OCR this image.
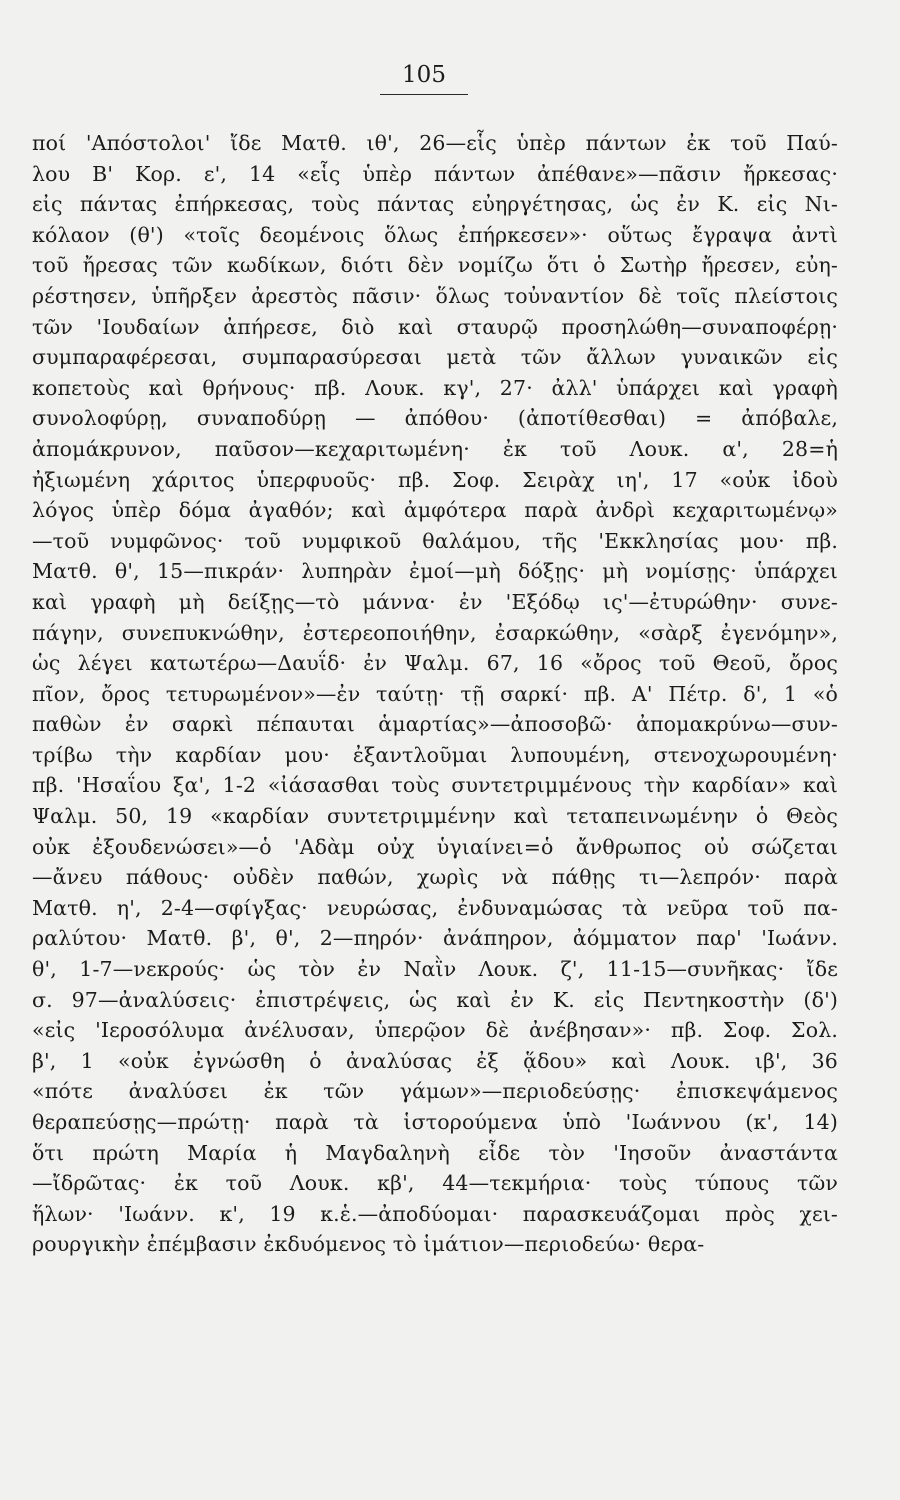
105
ποί 'Απόστολοι' ἴδε Ματθ. ιθ', 26—εἷς ὑπὲρ πάντων ἐκ τοῦ Παύ-
λου Β' Κορ. ε', 14 «εἷς ὑπὲρ πάντων ἀπέθανε»—πᾶσιν ἤρκεσας·
εἰς πάντας ἐπήρκεσας, τοὺς πάντας εὐηργέτησας, ὡς ἐν Κ. εἰς Νι-
κόλαον (θ') «τοῖς δεομένοις ὅλως ἐπήρκεσεν»· οὕτως ἔγραψα ἀντὶ
τοῦ ἤρεσας τῶν κωδίκων, διότι δὲν νομίζω ὅτι ὁ Σωτὴρ ἤρεσεν, εὐη-
ρέστησεν, ὑπῆρξεν ἀρεστὸς πᾶσιν· ὅλως τοὐναντίον δὲ τοῖς πλείστοις
τῶν 'Ιουδαίων ἀπήρεσε, διὸ καὶ σταυρῷ προσηλώθη—συναποφέρῃ·
συμπαραφέρεσαι, συμπαρασύρεσαι μετὰ τῶν ἄλλων γυναικῶν εἰς
κοπετοὺς καὶ θρήνους· πβ. Λουκ. κγ', 27· ἀλλ' ὑπάρχει καὶ γραφὴ
συνολοφύρῃ, συναποδύρῃ — ἀπόθου· (ἀποτίθεσθαι) = ἀπόβαλε,
ἀπομάκρυνον, παῦσον—κεχαριτωμένη· ἐκ τοῦ Λουκ. α', 28=ἡ
ἠξιωμένη χάριτος ὑπερφυοῦς· πβ. Σοφ. Σειρὰχ ιη', 17 «οὐκ ἰδοὺ
λόγος ὑπὲρ δόμα ἀγαθόν; καὶ ἀμφότερα παρὰ ἀνδρὶ κεχαριτωμένῳ»
—τοῦ νυμφῶνος· τοῦ νυμφικοῦ θαλάμου, τῆς 'Εκκλησίας μου· πβ.
Ματθ. θ', 15—πικράν· λυπηρὰν ἐμοί—μὴ δόξῃς· μὴ νομίσῃς· ὑπάρχει
καὶ γραφὴ μὴ δείξῃς—τὸ μάννα· ἐν 'Εξόδῳ ις'—ἐτυρώθην· συνε-
πάγην, συνεπυκνώθην, ἐστερεοποιήθην, ἐσαρκώθην, «σὰρξ ἐγενόμην»,
ὡς λέγει κατωτέρω—Δαυΐδ· ἐν Ψαλμ. 67, 16 «ὄρος τοῦ Θεοῦ, ὄρος
πῖον, ὄρος τετυρωμένον»—ἐν ταύτῃ· τῇ σαρκί· πβ. Α' Πέτρ. δ', 1 «ὁ
παθὼν ἐν σαρκὶ πέπαυται ἁμαρτίας»—ἀποσοβῶ· ἀπομακρύνω—συν-
τρίβω τὴν καρδίαν μου· ἐξαντλοῦμαι λυπουμένη, στενοχωρουμένη·
πβ. 'Ησαΐου ξα', 1-2 «ἰάσασθαι τοὺς συντετριμμένους τὴν καρδίαν» καὶ
Ψαλμ. 50, 19 «καρδίαν συντετριμμένην καὶ τεταπεινωμένην ὁ Θεὸς
οὐκ ἐξουδενώσει»—ὁ 'Αδὰμ οὐχ ὑγιαίνει=ὁ ἄνθρωπος οὐ σώζεται
—ἄνευ πάθους· οὐδὲν παθών, χωρὶς νὰ πάθῃς τι—λεπρόν· παρὰ
Ματθ. η', 2-4—σφίγξας· νευρώσας, ἐνδυναμώσας τὰ νεῦρα τοῦ πα-
ραλύτου· Ματθ. β', θ', 2—πηρόν· ἀνάπηρον, ἀόμματον παρ' 'Ιωάνν.
θ', 1-7—νεκρούς· ὡς τὸν ἐν Ναῒν Λουκ. ζ', 11-15—συνῆκας· ἴδε
σ. 97—ἀναλύσεις· ἐπιστρέψεις, ὡς καὶ ἐν Κ. εἰς Πεντηκοστὴν (δ')
«εἰς 'Ιεροσόλυμα ἀνέλυσαν, ὑπερῷον δὲ ἀνέβησαν»· πβ. Σοφ. Σολ.
β', 1 «οὐκ ἐγνώσθη ὁ ἀναλύσας ἐξ ᾅδου» καὶ Λουκ. ιβ', 36
«πότε ἀναλύσει ἐκ τῶν γάμων»—περιοδεύσῃς· ἐπισκεψάμενος
θεραπεύσῃς—πρώτῃ· παρὰ τὰ ἱστορούμενα ὑπὸ 'Ιωάννου (κ', 14)
ὅτι πρώτη Μαρία ἡ Μαγδαληνὴ εἶδε τὸν 'Ιησοῦν ἀναστάντα
—ἴδρῶτας· ἐκ τοῦ Λουκ. κβ', 44—τεκμήρια· τοὺς τύπους τῶν
ἥλων· 'Ιωάνν. κ', 19 κ.ἑ.—ἀποδύομαι· παρασκευάζομαι πρὸς χει-
ρουργικὴν ἐπέμβασιν ἐκδυόμενος τὸ ἱμάτιον—περιοδεύω· θερα-
